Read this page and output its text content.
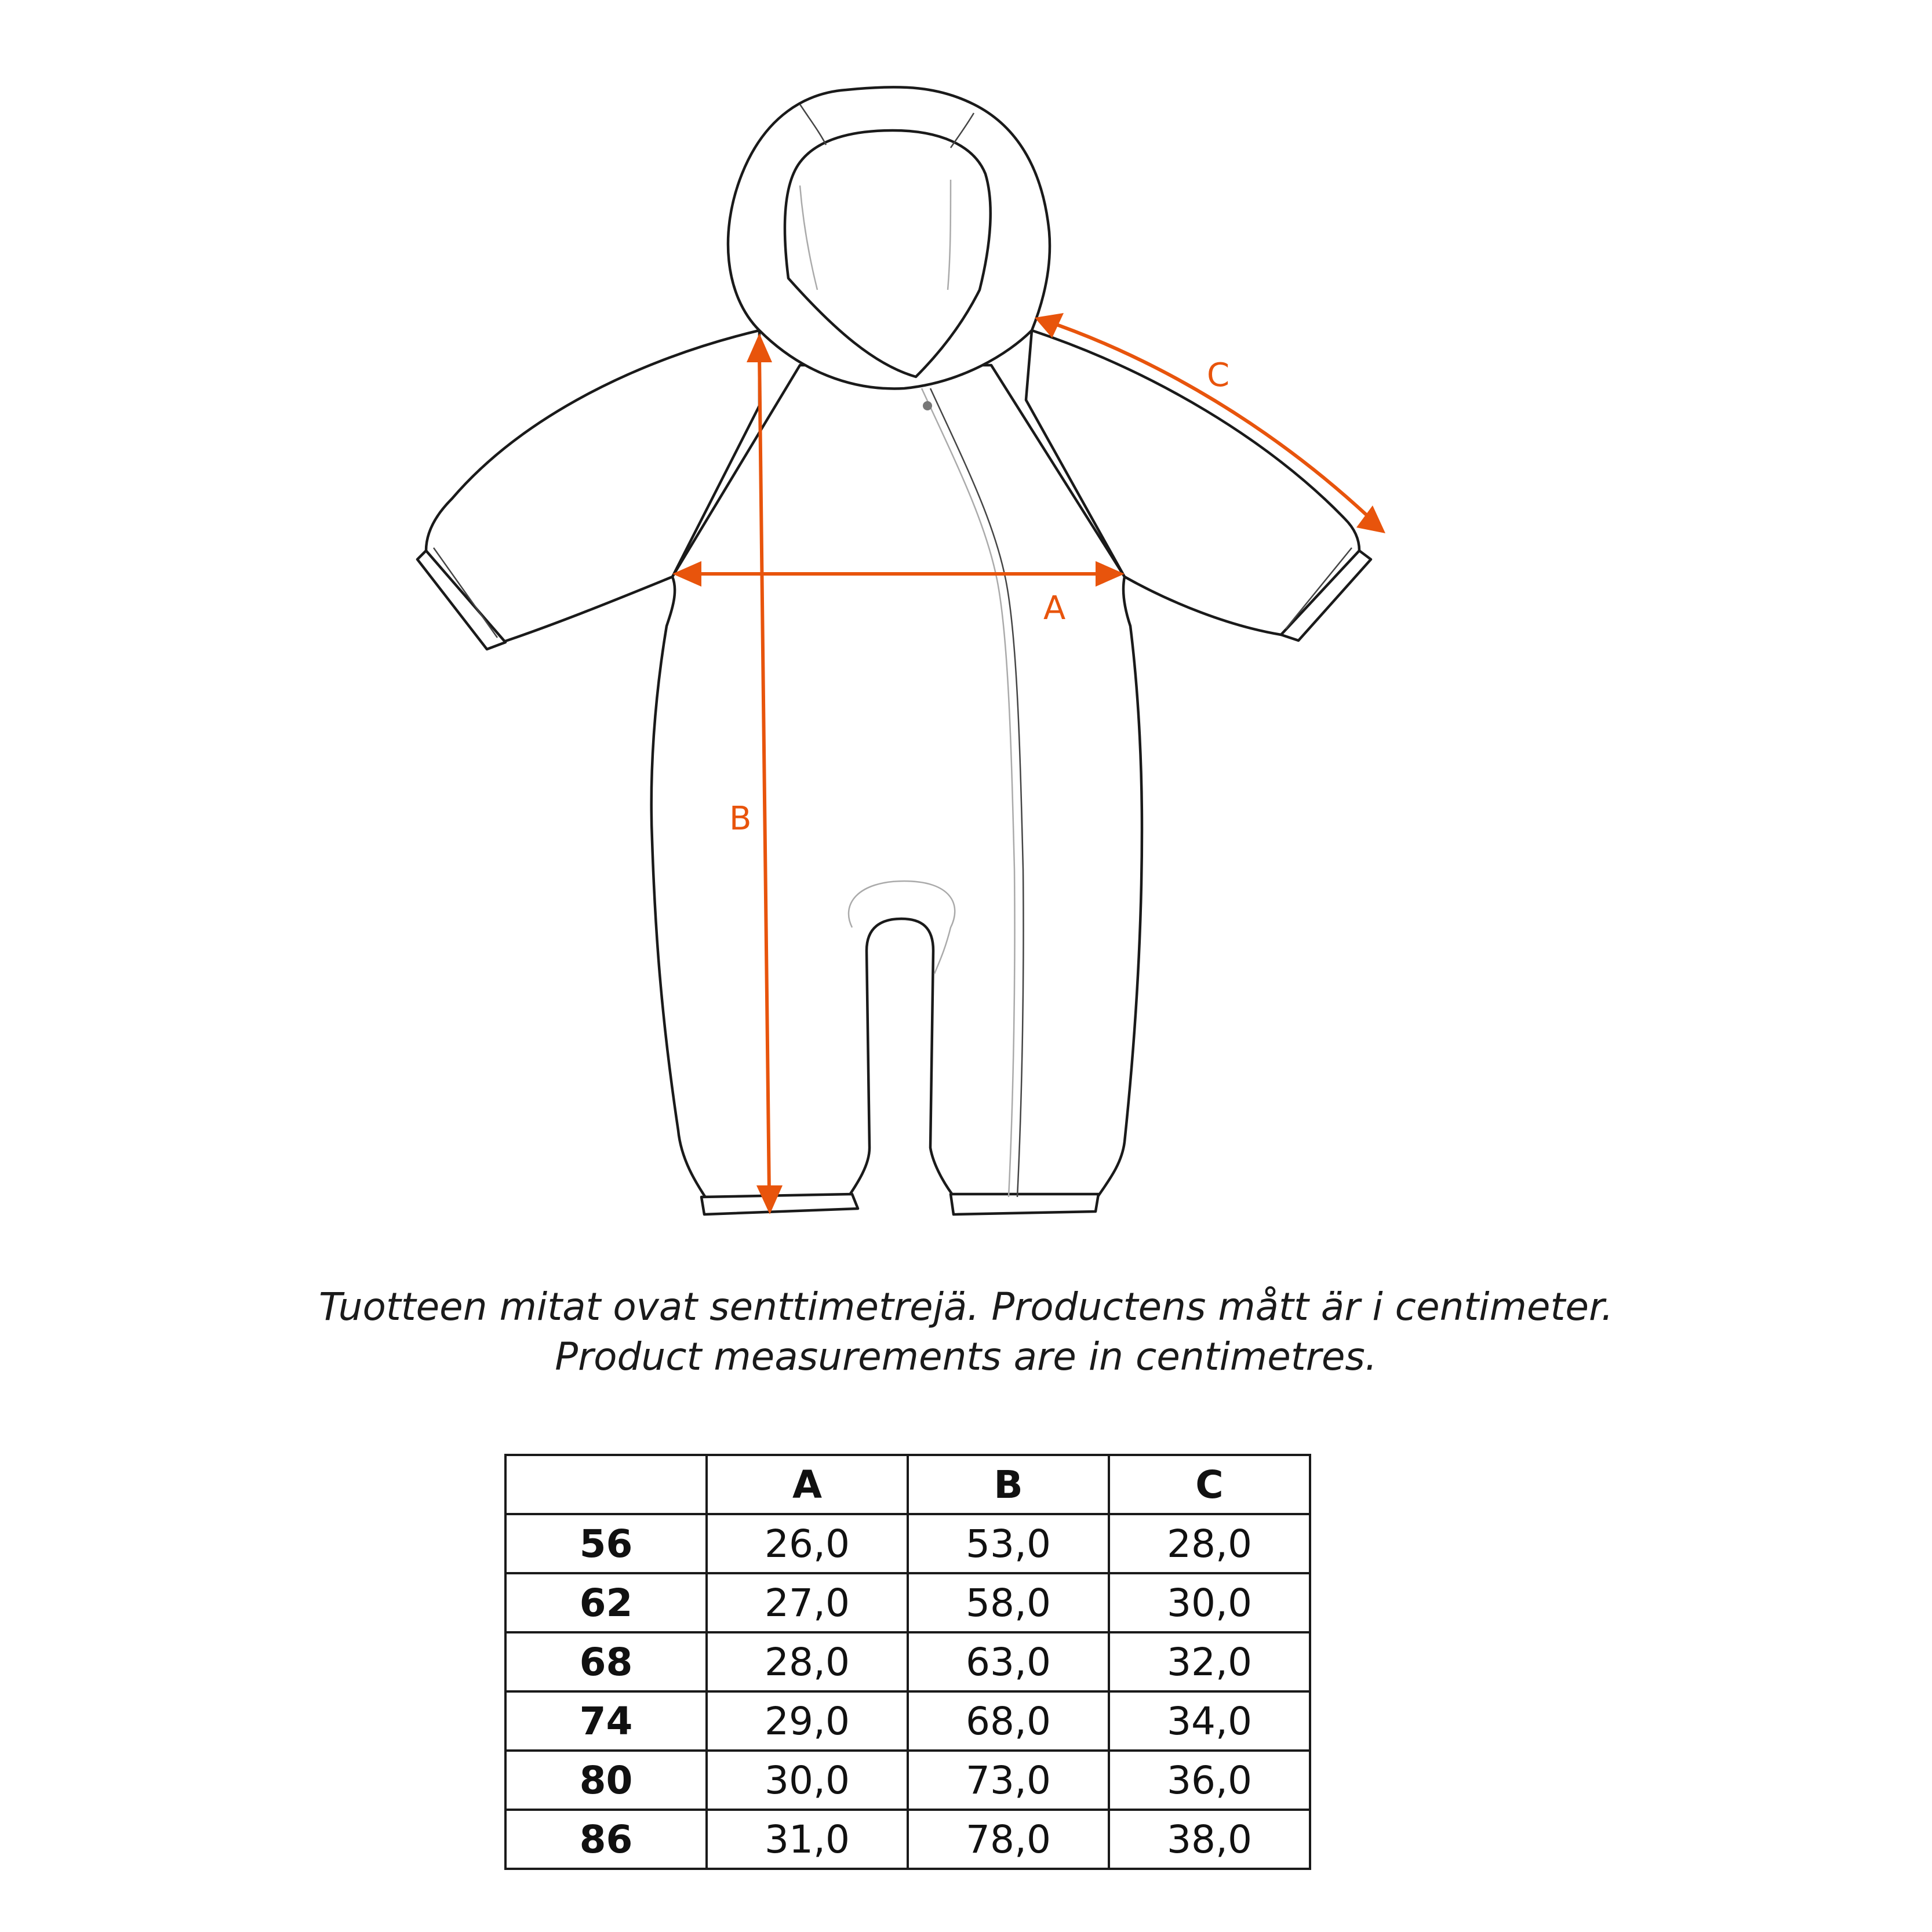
C
A
B
Tuotteen mitat ovat senttimetrejä. Productens mått är i centimeter.
Product measurements are in centimetres.
	A	B	C
56	26,0	53,0	28,0
62	27,0	58,0	30,0
68	28,0	63,0	32,0
74	29,0	68,0	34,0
80	30,0	73,0	36,0
86	31,0	78,0	38,0
